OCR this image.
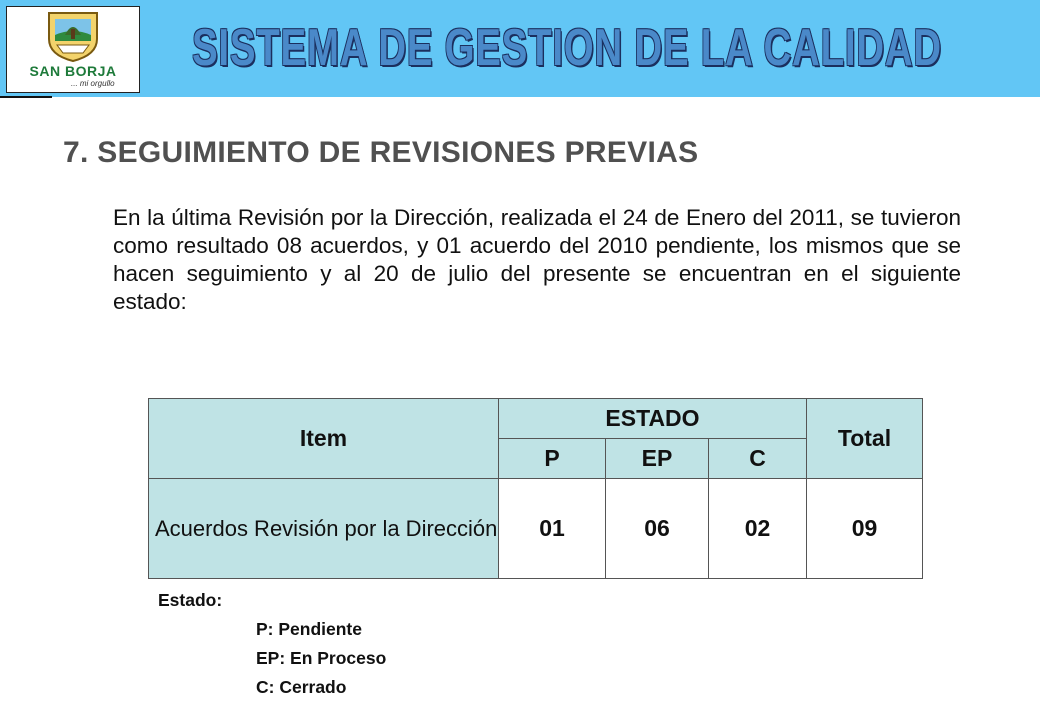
SAN BORJA
... mi orgullo
SISTEMA DE GESTION DE LA CALIDAD
7. SEGUIMIENTO DE REVISIONES PREVIAS
En la última Revisión por la Dirección, realizada el 24 de Enero del 2011, se tuvieron como resultado 08 acuerdos, y 01 acuerdo del 2010 pendiente, los mismos que se hacen seguimiento y al 20 de julio del presente se encuentran en el siguiente estado:
Item	ESTADO			Total
	P	EP	C	
Acuerdos Revisión por la Dirección	01	06	02	09
Estado:
P: Pendiente
EP: En Proceso
C: Cerrado
